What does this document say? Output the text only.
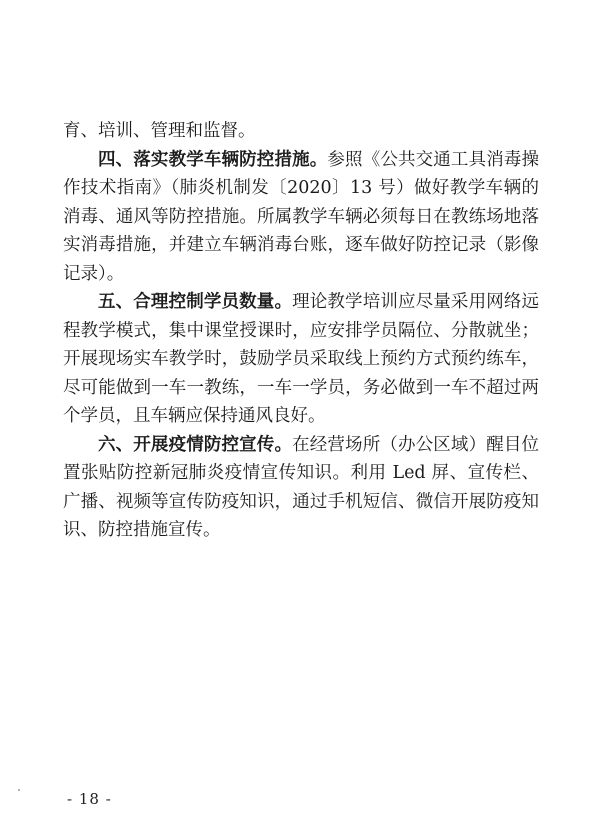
育、培训、管理和监督。

四、落实教学车辆防控措施。参照《公共交通工具消毒操作技术指南》（肺炎机制发〔2020〕13 号）做好教学车辆的消毒、通风等防控措施。所属教学车辆必须每日在教练场地落实消毒措施，并建立车辆消毒台账，逐车做好防控记录（影像记录）。

五、合理控制学员数量。理论教学培训应尽量采用网络远程教学模式，集中课堂授课时，应安排学员隔位、分散就坐；开展现场实车教学时，鼓励学员采取线上预约方式预约练车，尽可能做到一车一教练，一车一学员，务必做到一车不超过两个学员，且车辆应保持通风良好。

六、开展疫情防控宣传。在经营场所（办公区域）醒目位置张贴防控新冠肺炎疫情宣传知识。利用 Led 屏、宣传栏、广播、视频等宣传防疫知识，通过手机短信、微信开展防疫知识、防控措施宣传。

- 18 -
